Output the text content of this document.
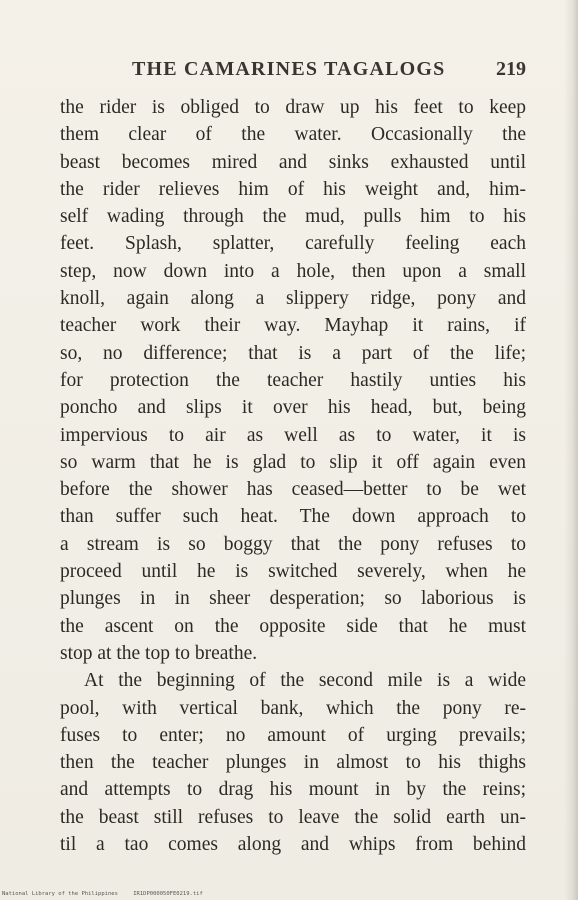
THE CAMARINES TAGALOGS	219
the rider is obliged to draw up his feet to keep
them clear of the water. Occasionally the
beast becomes mired and sinks exhausted until
the rider relieves him of his weight and, him-
self wading through the mud, pulls him to his
feet. Splash, splatter, carefully feeling each
step, now down into a hole, then upon a small
knoll, again along a slippery ridge, pony and
teacher work their way. Mayhap it rains, if
so, no difference; that is a part of the life;
for protection the teacher hastily unties his
poncho and slips it over his head, but, being
impervious to air as well as to water, it is
so warm that he is glad to slip it off again even
before the shower has ceased—better to be wet
than suffer such heat. The down approach to
a stream is so boggy that the pony refuses to
proceed until he is switched severely, when he
plunges in in sheer desperation; so laborious is
the ascent on the opposite side that he must
stop at the top to breathe.
At the beginning of the second mile is a wide
pool, with vertical bank, which the pony re-
fuses to enter; no amount of urging prevails;
then the teacher plunges in almost to his thighs
and attempts to drag his mount in by the reins;
the beast still refuses to leave the solid earth un-
til a tao comes along and whips from behind
National Library of the Philippines	IR1DP000050FE0219.tif
